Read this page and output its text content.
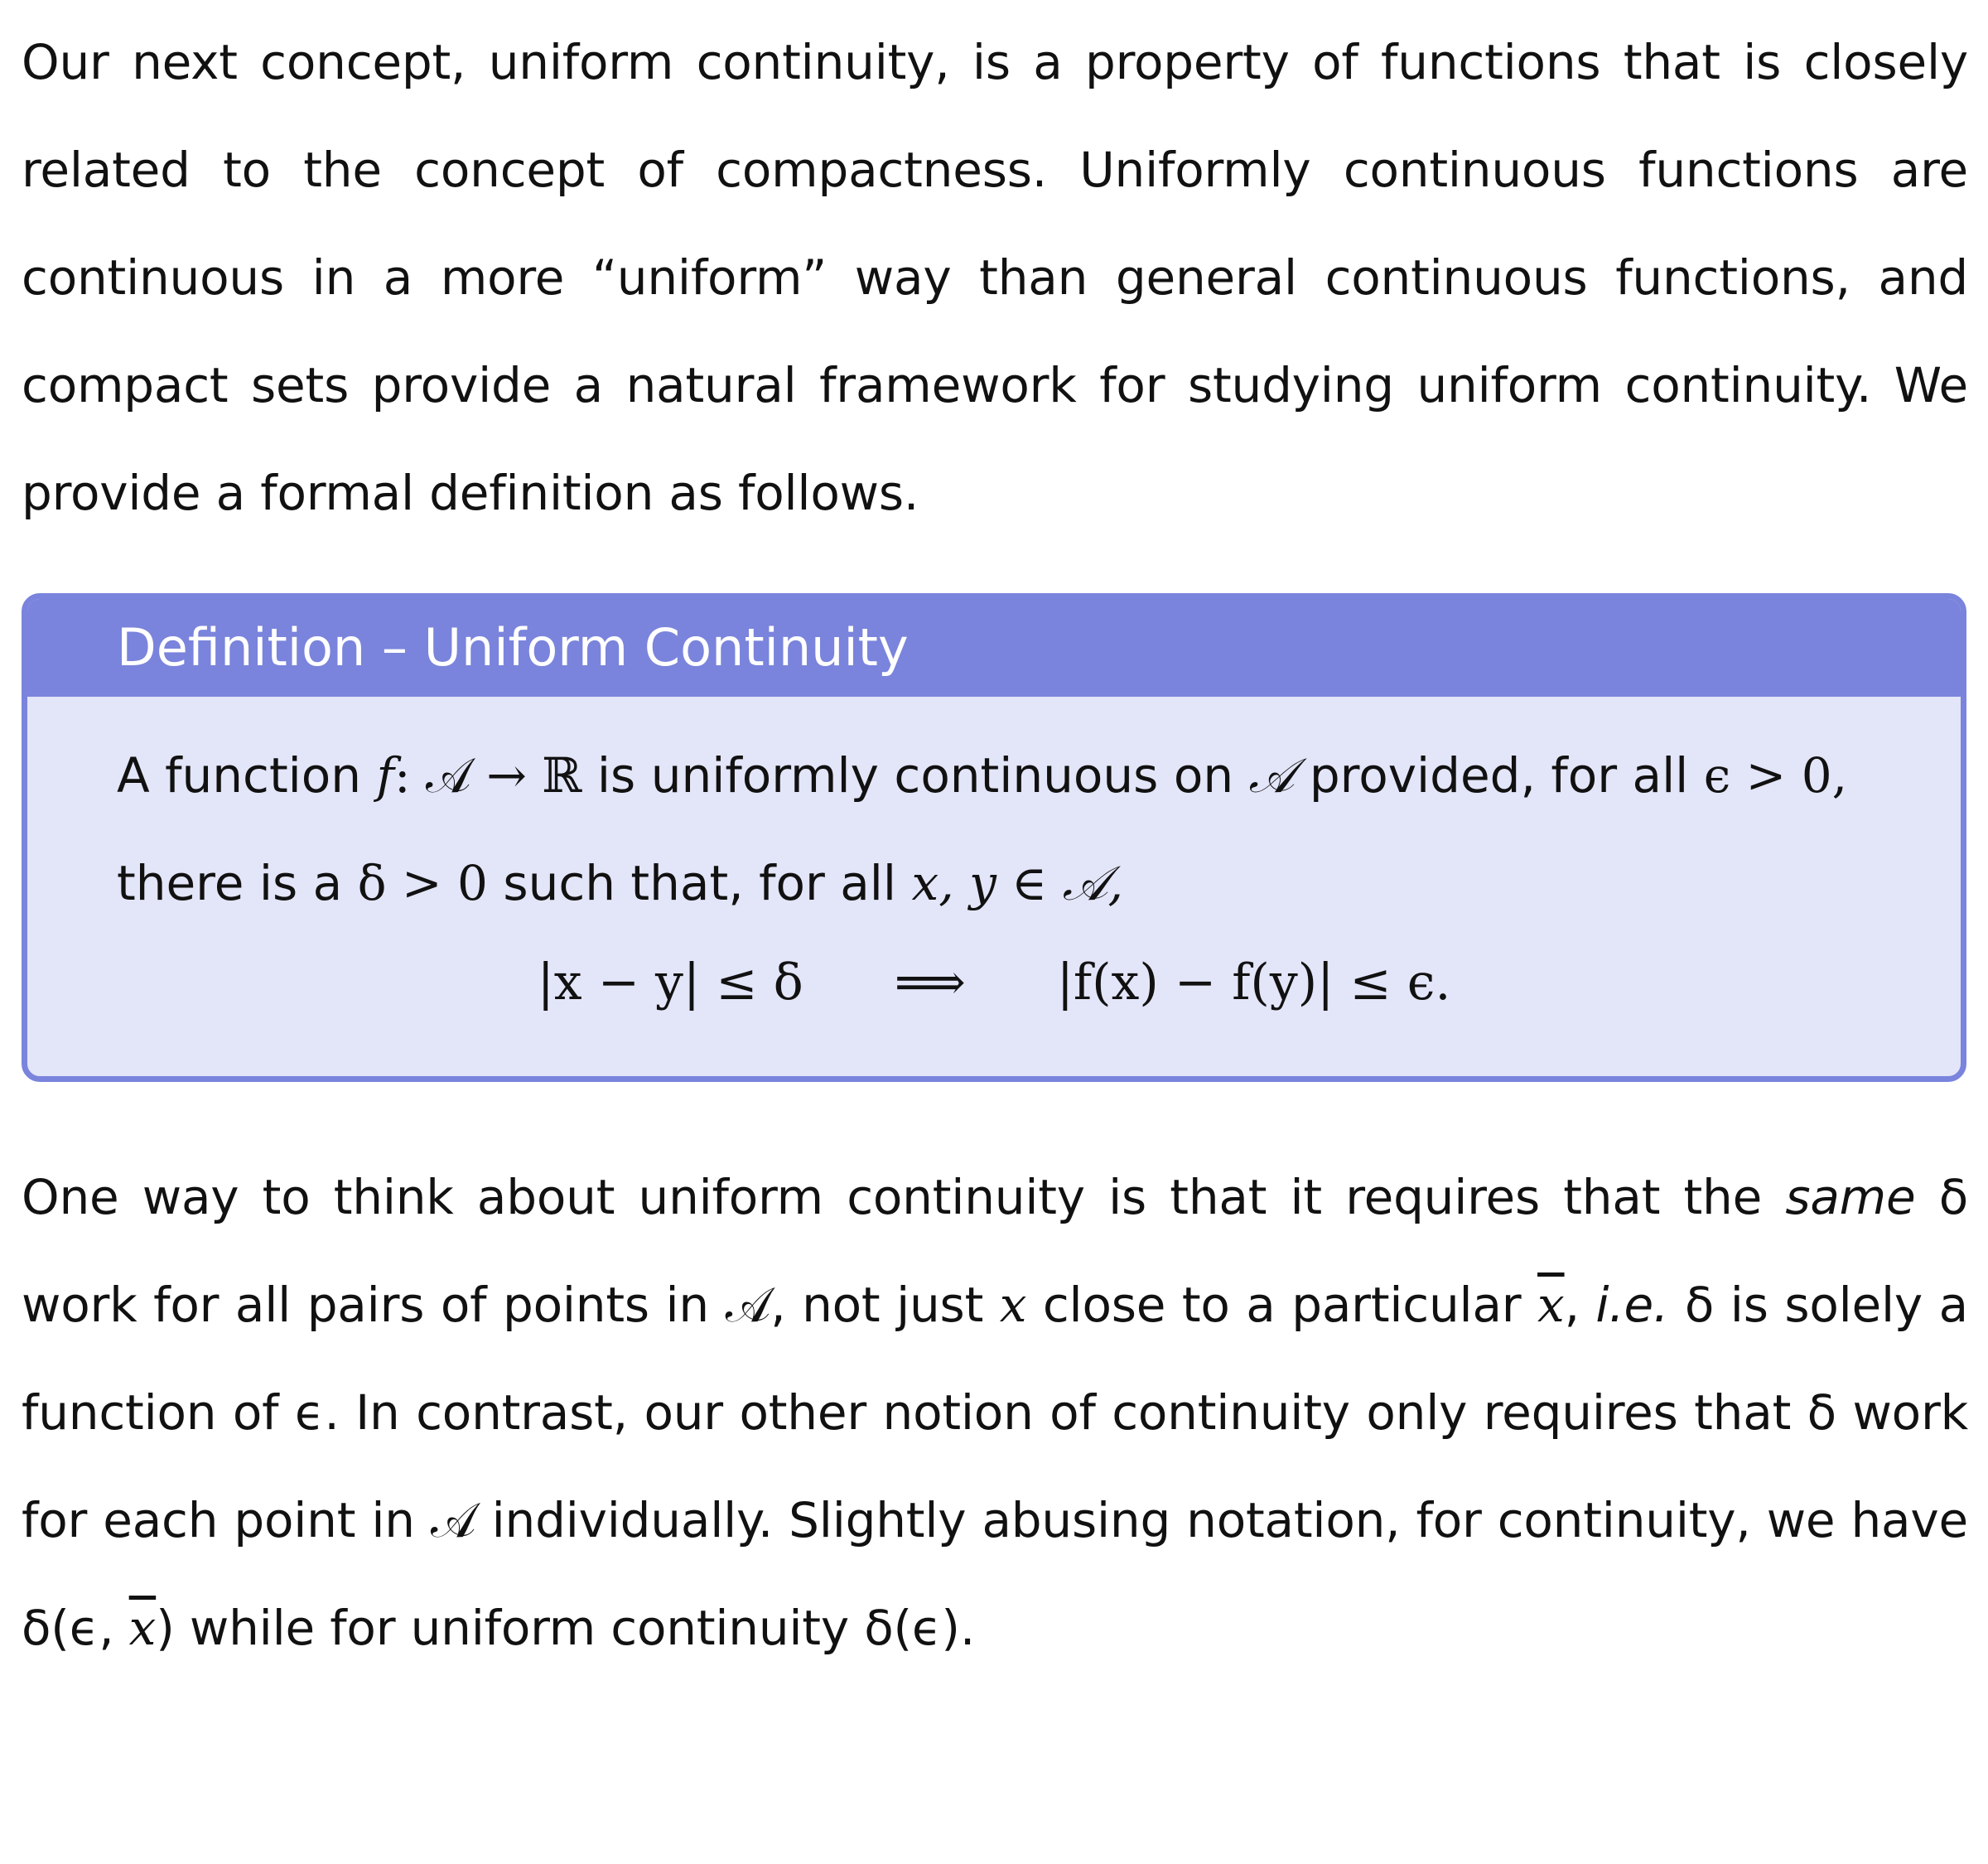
Our next concept, uniform continuity, is a property of functions that is closely related to the concept of compactness. Uniformly continuous functions are continuous in a more “uniform” way than general continuous functions, and compact sets provide a natural framework for studying uniform continuity. We provide a formal definition as follows.

Definition – Uniform Continuity
A function f: 𝒜 → ℝ is uniformly continuous on 𝒜 provided, for all ϵ > 0,
there is a δ > 0 such that, for all x, y ∈ 𝒜,
|x − y| ≤ δ ⟹ |f(x) − f(y)| ≤ ϵ.

One way to think about uniform continuity is that it requires that the same δ work for all pairs of points in 𝒜, not just x close to a particular $\overline{x}$, i.e. δ is solely a function of ϵ. In contrast, our other notion of continuity only requires that δ work for each point in 𝒜 individually. Slightly abusing notation, for continuity, we have δ(ϵ, $\overline{x}$) while for uniform continuity δ(ϵ).
